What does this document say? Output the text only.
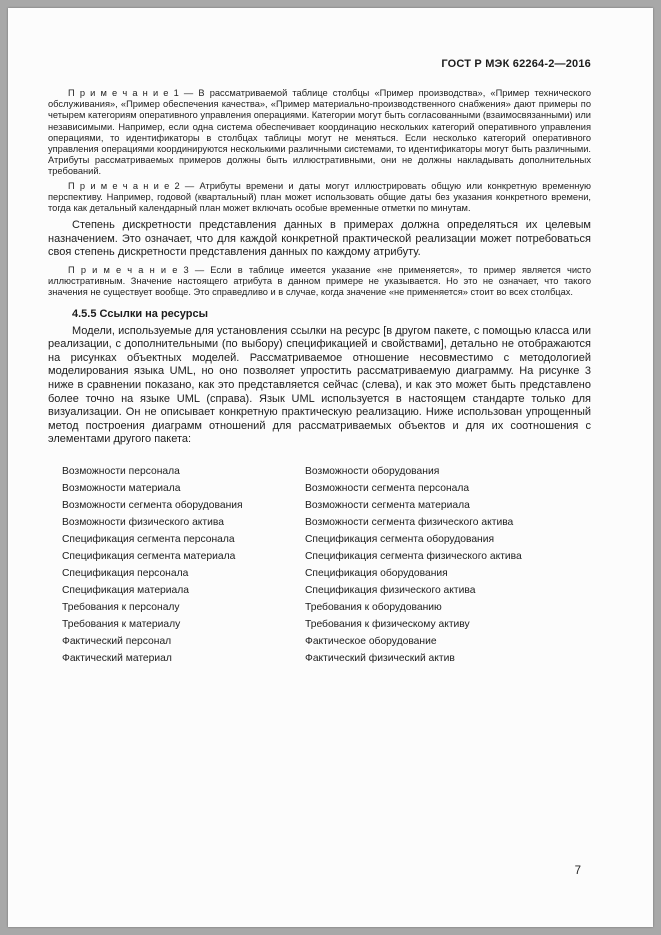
ГОСТ Р МЭК 62264-2—2016

П р и м е ч а н и е 1 — В рассматриваемой таблице столбцы «Пример производства», «Пример технического обслуживания», «Пример обеспечения качества», «Пример материально-производственного снабжения» дают примеры по четырем категориям оперативного управления операциями. Категории могут быть согласованными (взаимосвязанными) или независимыми. Например, если одна система обеспечивает координацию нескольких категорий оперативного управления операциями, то идентификаторы в столбцах таблицы могут не меняться. Если несколько категорий оперативного управления операциями координируются несколькими различными системами, то идентификаторы могут быть различными. Атрибуты рассматриваемых примеров должны быть иллюстративными, они не должны накладывать дополнительных требований.

П р и м е ч а н и е 2 — Атрибуты времени и даты могут иллюстрировать общую или конкретную временную перспективу. Например, годовой (квартальный) план может использовать общие даты без указания конкретного времени, тогда как детальный календарный план может включать особые временные отметки по минутам.

Степень дискретности представления данных в примерах должна определяться их целевым назначением. Это означает, что для каждой конкретной практической реализации может потребоваться своя степень дискретности представления данных по каждому атрибуту.

П р и м е ч а н и е 3 — Если в таблице имеется указание «не применяется», то пример является чисто иллюстративным. Значение настоящего атрибута в данном примере не указывается. Но это не означает, что такого значения не существует вообще. Это справедливо и в случае, когда значение «не применяется» стоит во всех столбцах.

4.5.5 Ссылки на ресурсы

Модели, используемые для установления ссылки на ресурс [в другом пакете, с помощью класса или реализации, с дополнительными (по выбору) спецификацией и свойствами], детально не отображаются на рисунках объектных моделей. Рассматриваемое отношение несовместимо с методологией моделирования языка UML, но оно позволяет упростить рассматриваемую диаграмму. На рисунке 3 ниже в сравнении показано, как это представляется сейчас (слева), и как это может быть представлено более точно на языке UML (справа). Язык UML используется в настоящем стандарте только для визуализации. Он не описывает конкретную практическую реализацию. Ниже использован упрощенный метод построения диаграмм отношений для рассматриваемых объектов и для их соотношения с элементами другого пакета:

Возможности персонала
Возможности материала
Возможности сегмента оборудования
Возможности физического актива
Спецификация сегмента персонала
Спецификация сегмента материала
Спецификация персонала
Спецификация материала
Требования к персоналу
Требования к материалу
Фактический персонал
Фактический материал
Возможности оборудования
Возможности сегмента персонала
Возможности сегмента материала
Возможности сегмента физического актива
Спецификация сегмента оборудования
Спецификация сегмента физического актива
Спецификация оборудования
Спецификация физического актива
Требования к оборудованию
Требования к физическому активу
Фактическое оборудование
Фактический физический актив
7
